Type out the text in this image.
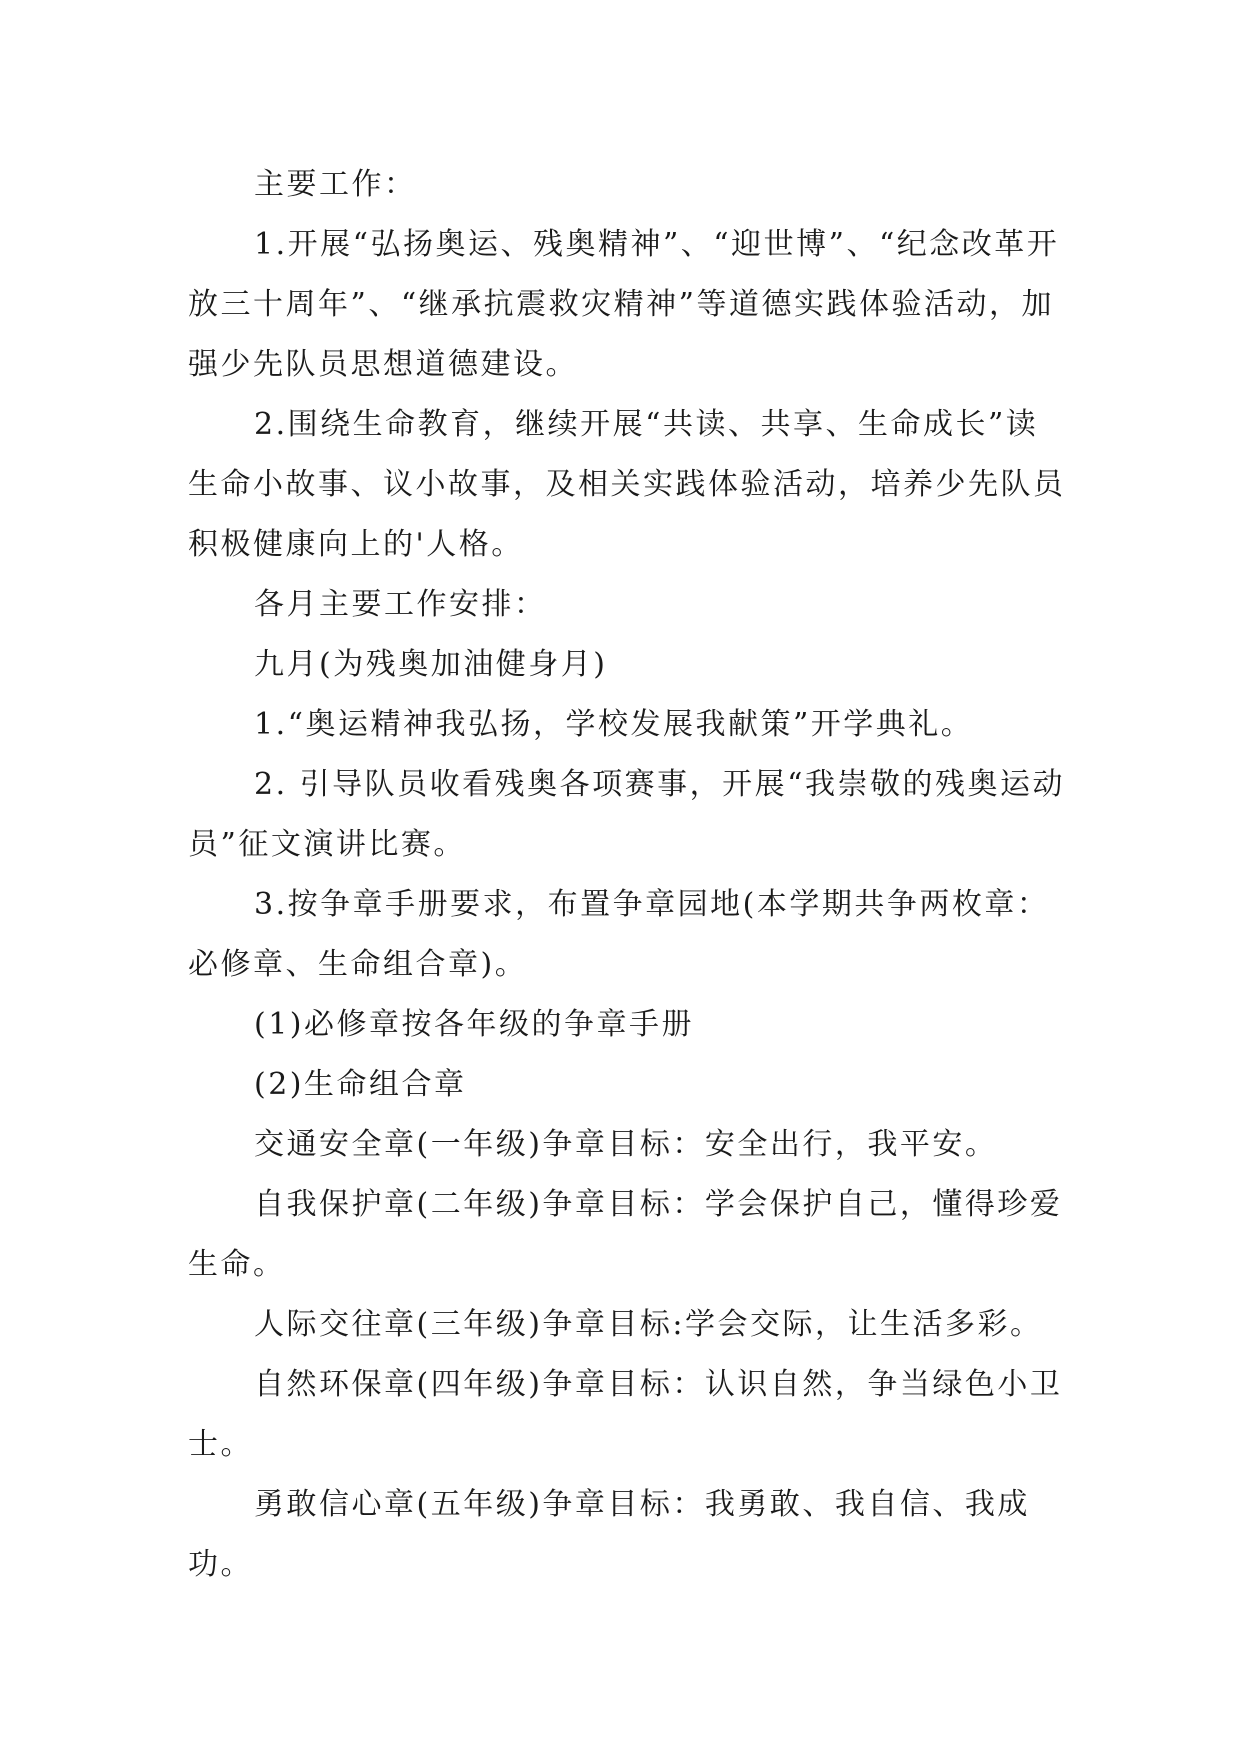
主要工作：

1.开展“弘扬奥运、残奥精神”、“迎世博”、“纪念改革开放三十周年”、“继承抗震救灾精神”等道德实践体验活动，加强少先队员思想道德建设。

2.围绕生命教育，继续开展“共读、共享、生命成长”读生命小故事、议小故事，及相关实践体验活动，培养少先队员积极健康向上的'人格。

各月主要工作安排：

九月(为残奥加油健身月)

1.“奥运精神我弘扬，学校发展我献策”开学典礼。

2. 引导队员收看残奥各项赛事，开展“我崇敬的残奥运动员”征文演讲比赛。

3.按争章手册要求，布置争章园地(本学期共争两枚章：必修章、生命组合章)。

(1)必修章按各年级的争章手册

(2)生命组合章

交通安全章(一年级)争章目标：安全出行，我平安。

自我保护章(二年级)争章目标：学会保护自己，懂得珍爱生命。

人际交往章(三年级)争章目标:学会交际，让生活多彩。

自然环保章(四年级)争章目标：认识自然，争当绿色小卫士。

勇敢信心章(五年级)争章目标：我勇敢、我自信、我成功。
